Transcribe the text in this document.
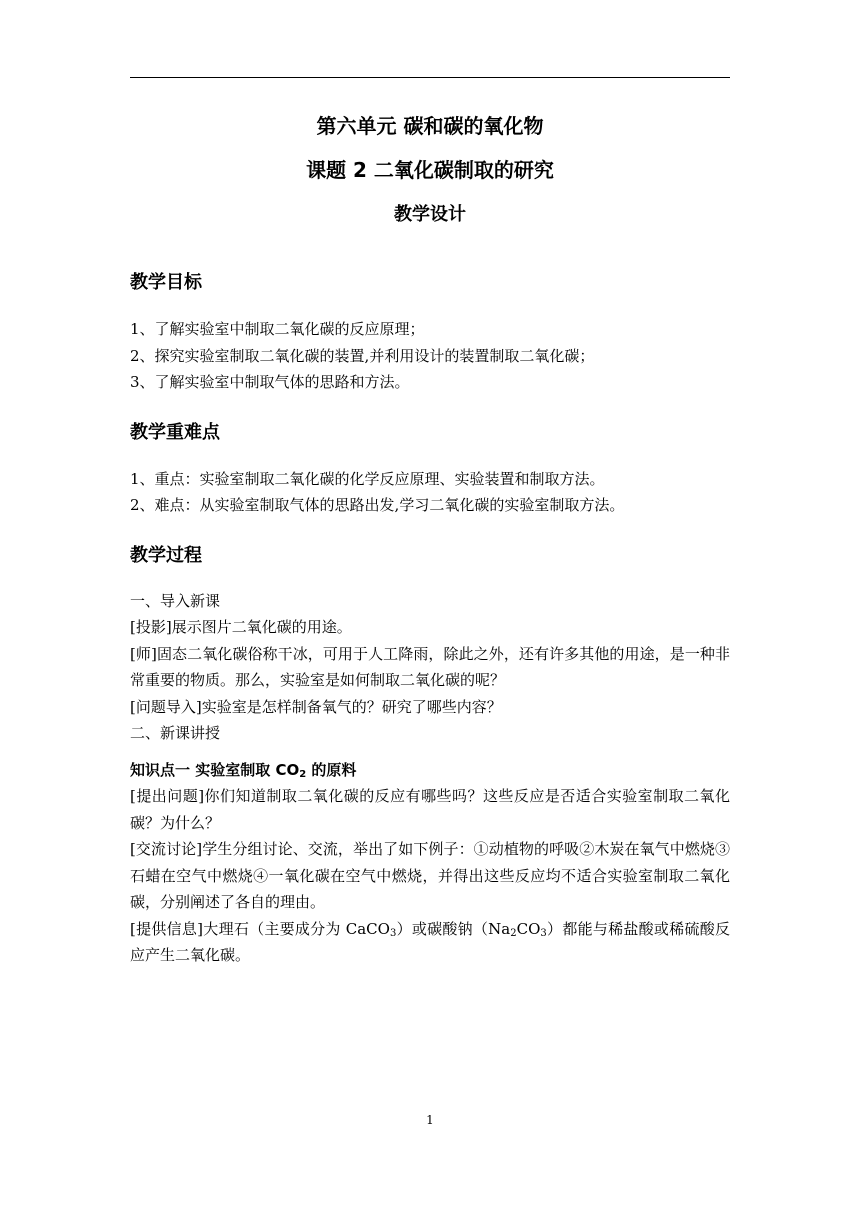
第六单元 碳和碳的氧化物

课题 2 二氧化碳制取的研究

教学设计

教学目标

1、了解实验室中制取二氧化碳的反应原理；

2、探究实验室制取二氧化碳的装置,并利用设计的装置制取二氧化碳；

3、了解实验室中制取气体的思路和方法。

教学重难点

1、重点：实验室制取二氧化碳的化学反应原理、实验装置和制取方法。

2、难点：从实验室制取气体的思路出发,学习二氧化碳的实验室制取方法。

教学过程

一、导入新课

[投影]展示图片二氧化碳的用途。

[师]固态二氧化碳俗称干冰，可用于人工降雨，除此之外，还有许多其他的用途，是一种非常重要的物质。那么，实验室是如何制取二氧化碳的呢？

[问题导入]实验室是怎样制备氧气的？研究了哪些内容？

二、新课讲授

知识点一 实验室制取 $CO_2$ 的原料

[提出问题]你们知道制取二氧化碳的反应有哪些吗？这些反应是否适合实验室制取二氧化碳？为什么？

[交流讨论]学生分组讨论、交流，举出了如下例子：①动植物的呼吸②木炭在氧气中燃烧③石蜡在空气中燃烧④一氧化碳在空气中燃烧，并得出这些反应均不适合实验室制取二氧化碳，分别阐述了各自的理由。

[提供信息]大理石（主要成分为 CaCO$_3$）或碳酸钠$(Na_2CO_3)$都能与稀盐酸或稀硫酸反应产生二氧化碳。

1
